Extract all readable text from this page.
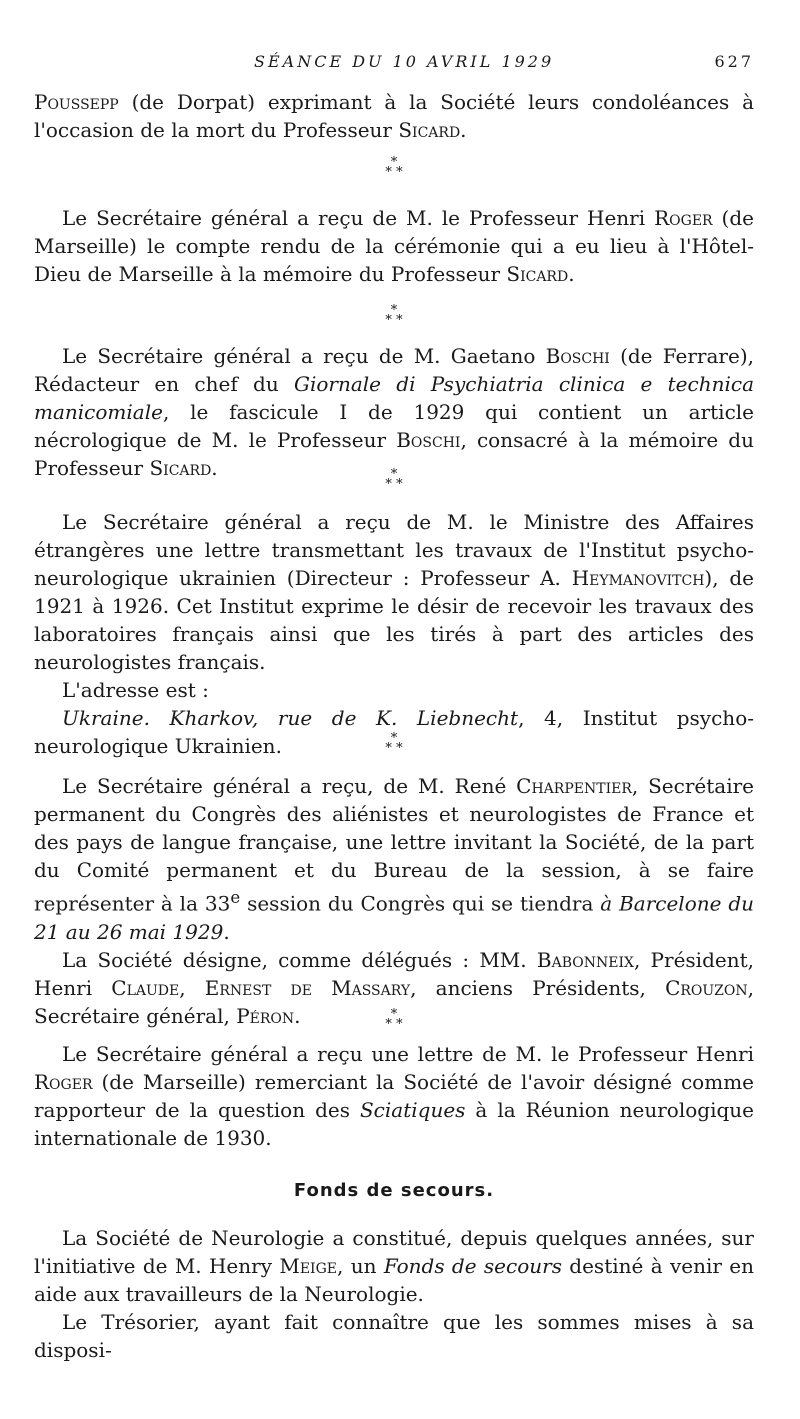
SÉANCE DU 10 AVRIL 1929	627

Poussepp (de Dorpat) exprimant à la Société leurs condoléances à l'occasion de la mort du Professeur Sicard.

*
* *

Le Secrétaire général a reçu de M. le Professeur Henri Roger (de Marseille) le compte rendu de la cérémonie qui a eu lieu à l'Hôtel-Dieu de Marseille à la mémoire du Professeur Sicard.

*
* *

Le Secrétaire général a reçu de M. Gaetano Boschi (de Ferrare), Rédacteur en chef du Giornale di Psychiatria clinica e technica manicomiale, le fascicule I de 1929 qui contient un article nécrologique de M. le Professeur Boschi, consacré à la mémoire du Professeur Sicard.	*
* *

Le Secrétaire général a reçu de M. le Ministre des Affaires étrangères une lettre transmettant les travaux de l'Institut psycho-neurologique ukrainien (Directeur : Professeur A. Heymanovitch), de 1921 à 1926. Cet Institut exprime le désir de recevoir les travaux des laboratoires français ainsi que les tirés à part des articles des neurologistes français.

L'adresse est :

Ukraine. Kharkov, rue de K. Liebnecht, 4, Institut psycho-neurologique Ukrainien.	*
* *

Le Secrétaire général a reçu, de M. René Charpentier, Secrétaire permanent du Congrès des aliénistes et neurologistes de France et des pays de langue française, une lettre invitant la Société, de la part du Comité permanent et du Bureau de la session, à se faire représenter à la 33e session du Congrès qui se tiendra à Barcelone du 21 au 26 mai 1929.

La Société désigne, comme délégués : MM. Babonneix, Président, Henri Claude, Ernest de Massary, anciens Présidents, Crouzon, Secrétaire général, Péron.	*
* *

Le Secrétaire général a reçu une lettre de M. le Professeur Henri Roger (de Marseille) remerciant la Société de l'avoir désigné comme rapporteur de la question des Sciatiques à la Réunion neurologique internationale de 1930.

Fonds de secours.

La Société de Neurologie a constitué, depuis quelques années, sur l'initiative de M. Henry Meige, un Fonds de secours destiné à venir en aide aux travailleurs de la Neurologie.

Le Trésorier, ayant fait connaître que les sommes mises à sa disposi-
